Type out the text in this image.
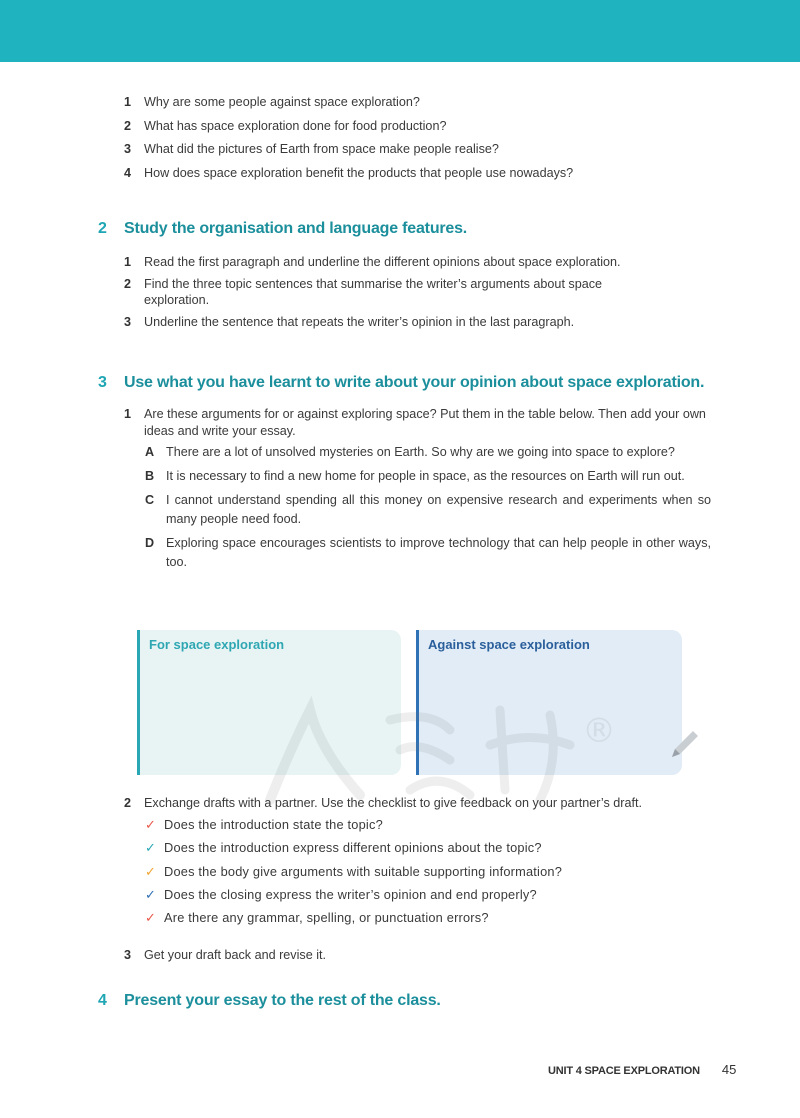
1	Why are some people against space exploration?
2	What has space exploration done for food production?
3	What did the pictures of Earth from space make people realise?
4	How does space exploration benefit the products that people use nowadays?
2	Study the organisation and language features.
1	Read the first paragraph and underline the different opinions about space exploration.
2	Find the three topic sentences that summarise the writer’s arguments about space exploration.
3	Underline the sentence that repeats the writer’s opinion in the last paragraph.
3	Use what you have learnt to write about your opinion about space exploration.
1	Are these arguments for or against exploring space? Put them in the table below. Then add your own ideas and write your essay.
A There are a lot of unsolved mysteries on Earth. So why are we going into space to explore?
B It is necessary to find a new home for people in space, as the resources on Earth will run out.
C I cannot understand spending all this money on expensive research and experiments when so many people need food.
D Exploring space encourages scientists to improve technology that can help people in other ways, too.
For space exploration	Against space exploration
®
2	Exchange drafts with a partner. Use the checklist to give feedback on your partner’s draft.
✓ Does the introduction state the topic?
✓ Does the introduction express different opinions about the topic?
✓ Does the body give arguments with suitable supporting information?
✓ Does the closing express the writer’s opinion and end properly?
✓ Are there any grammar, spelling, or punctuation errors?
3	Get your draft back and revise it.
4	Present your essay to the rest of the class.
UNIT 4 SPACE EXPLORATION 45
